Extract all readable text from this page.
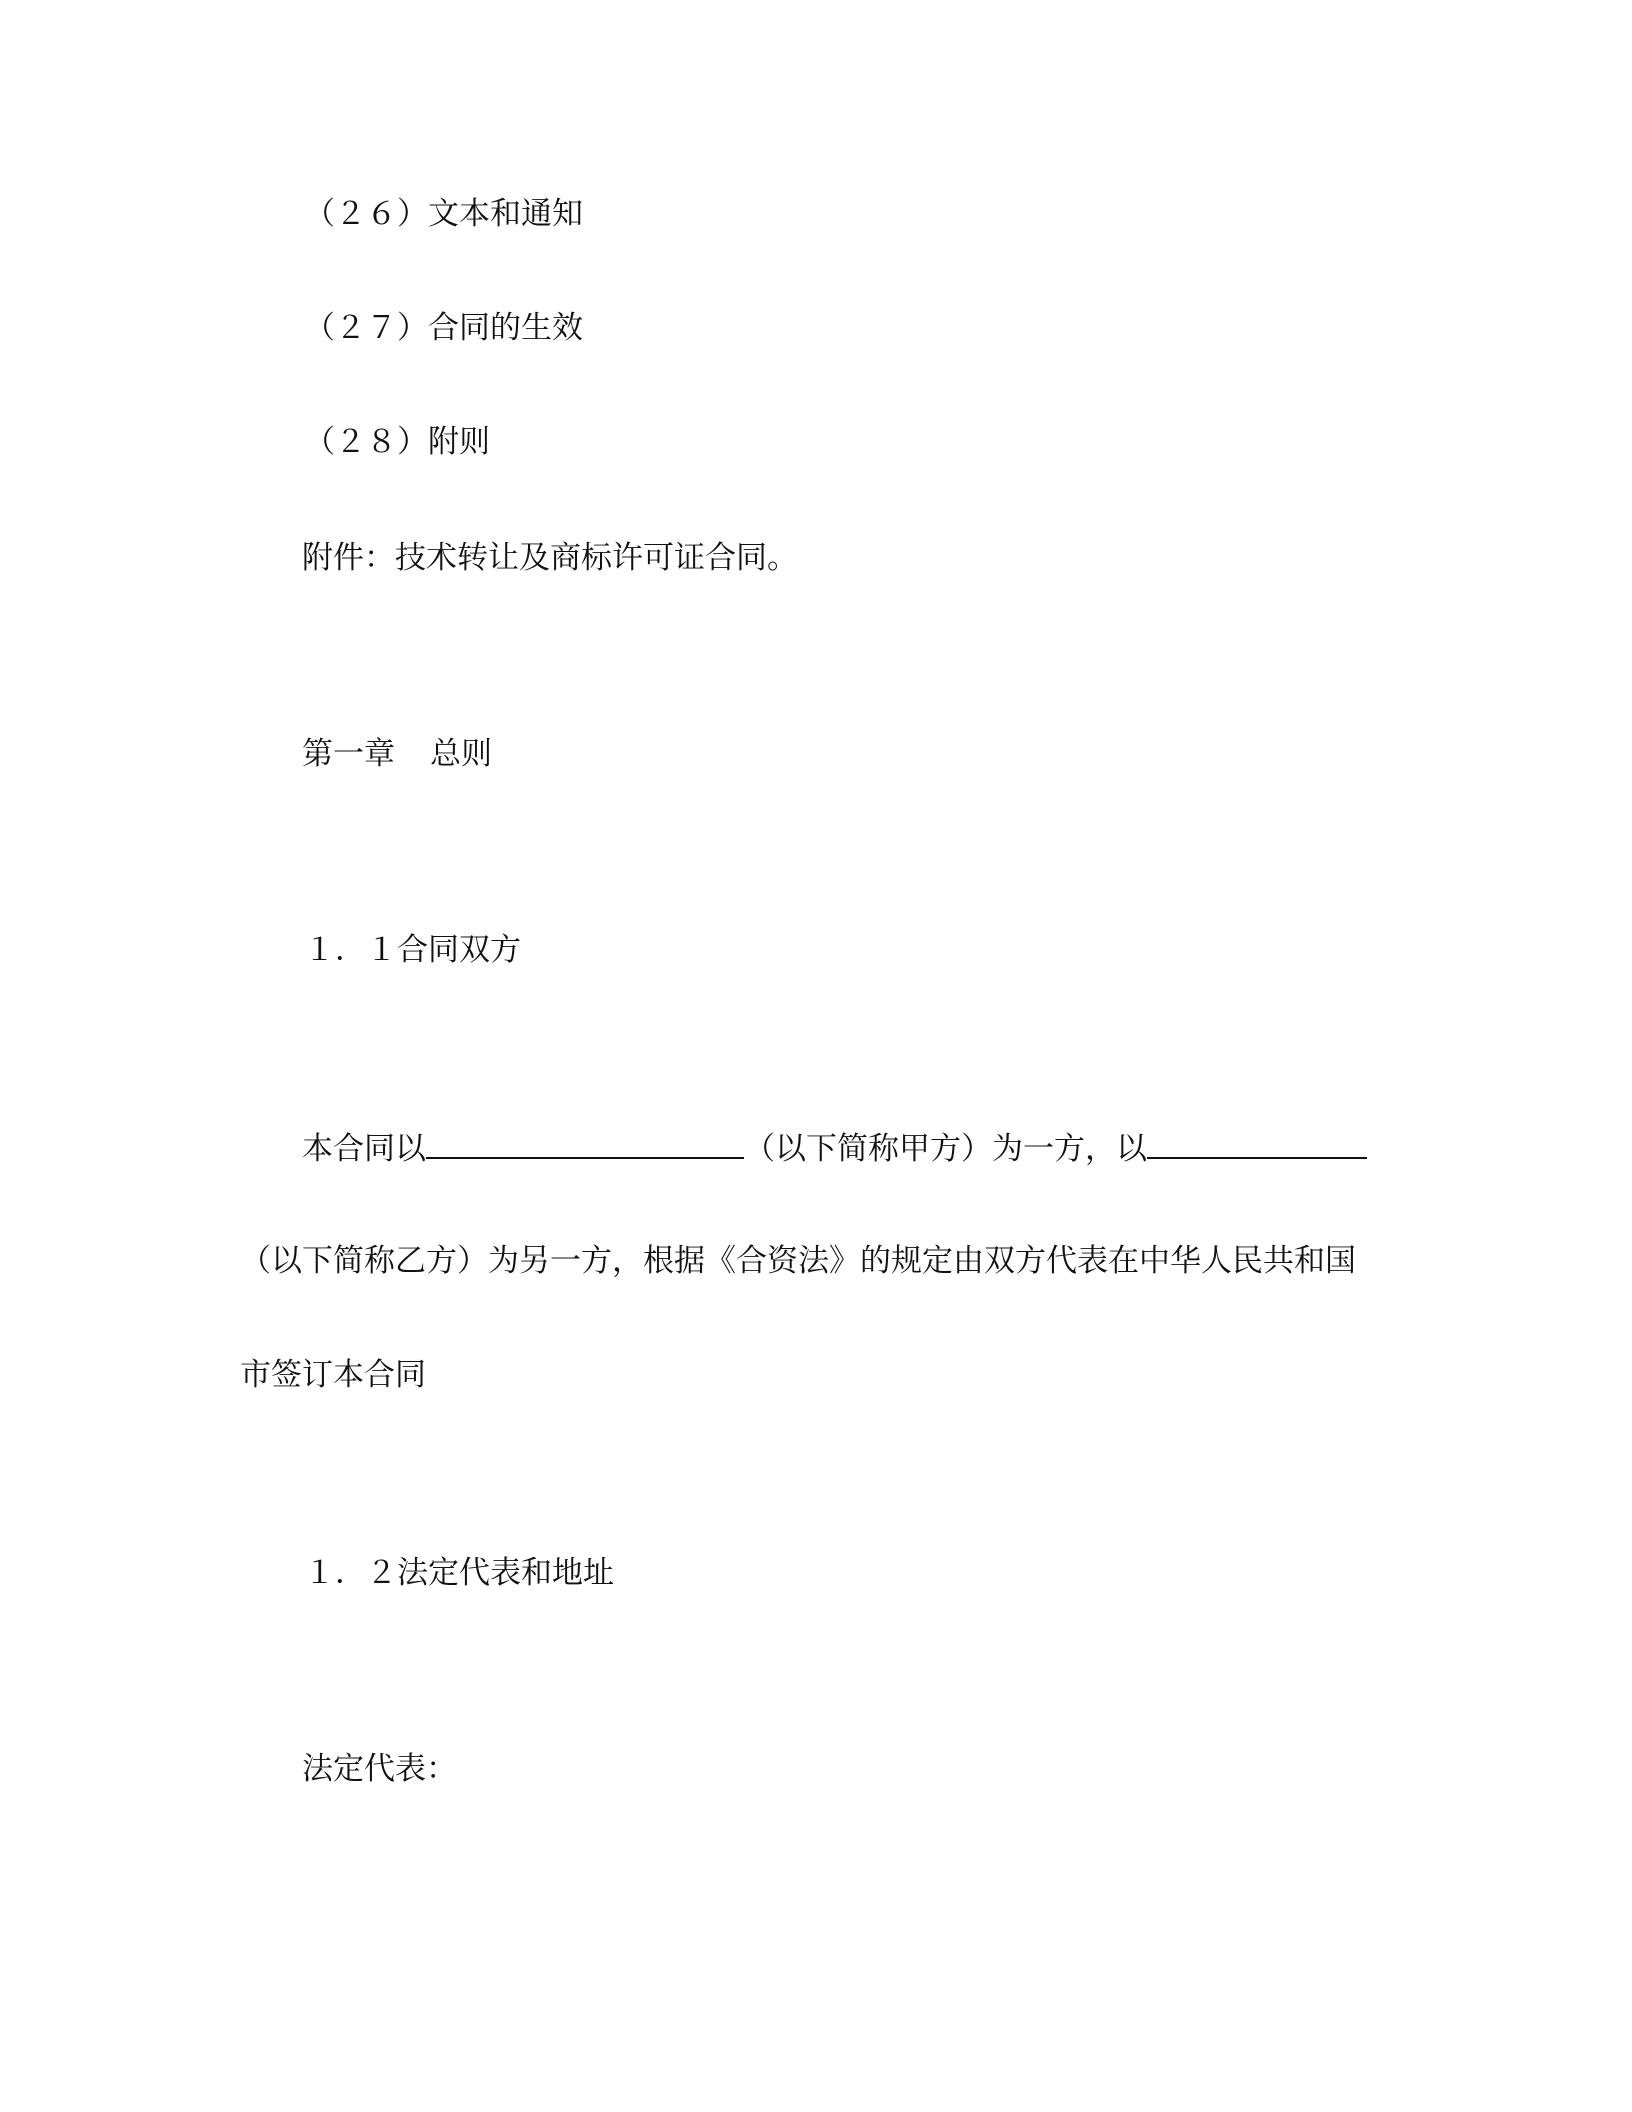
（２６）文本和通知
（２７）合同的生效
（２８）附则
附件：技术转让及商标许可证合同。
第一章 总则
１．１合同双方
本合同以	（以下简称甲方）为一方，以
（以下简称乙方）为另一方，根据《合资法》的规定由双方代表在中华人民共和国
市签订本合同
１．２法定代表和地址
法定代表：
